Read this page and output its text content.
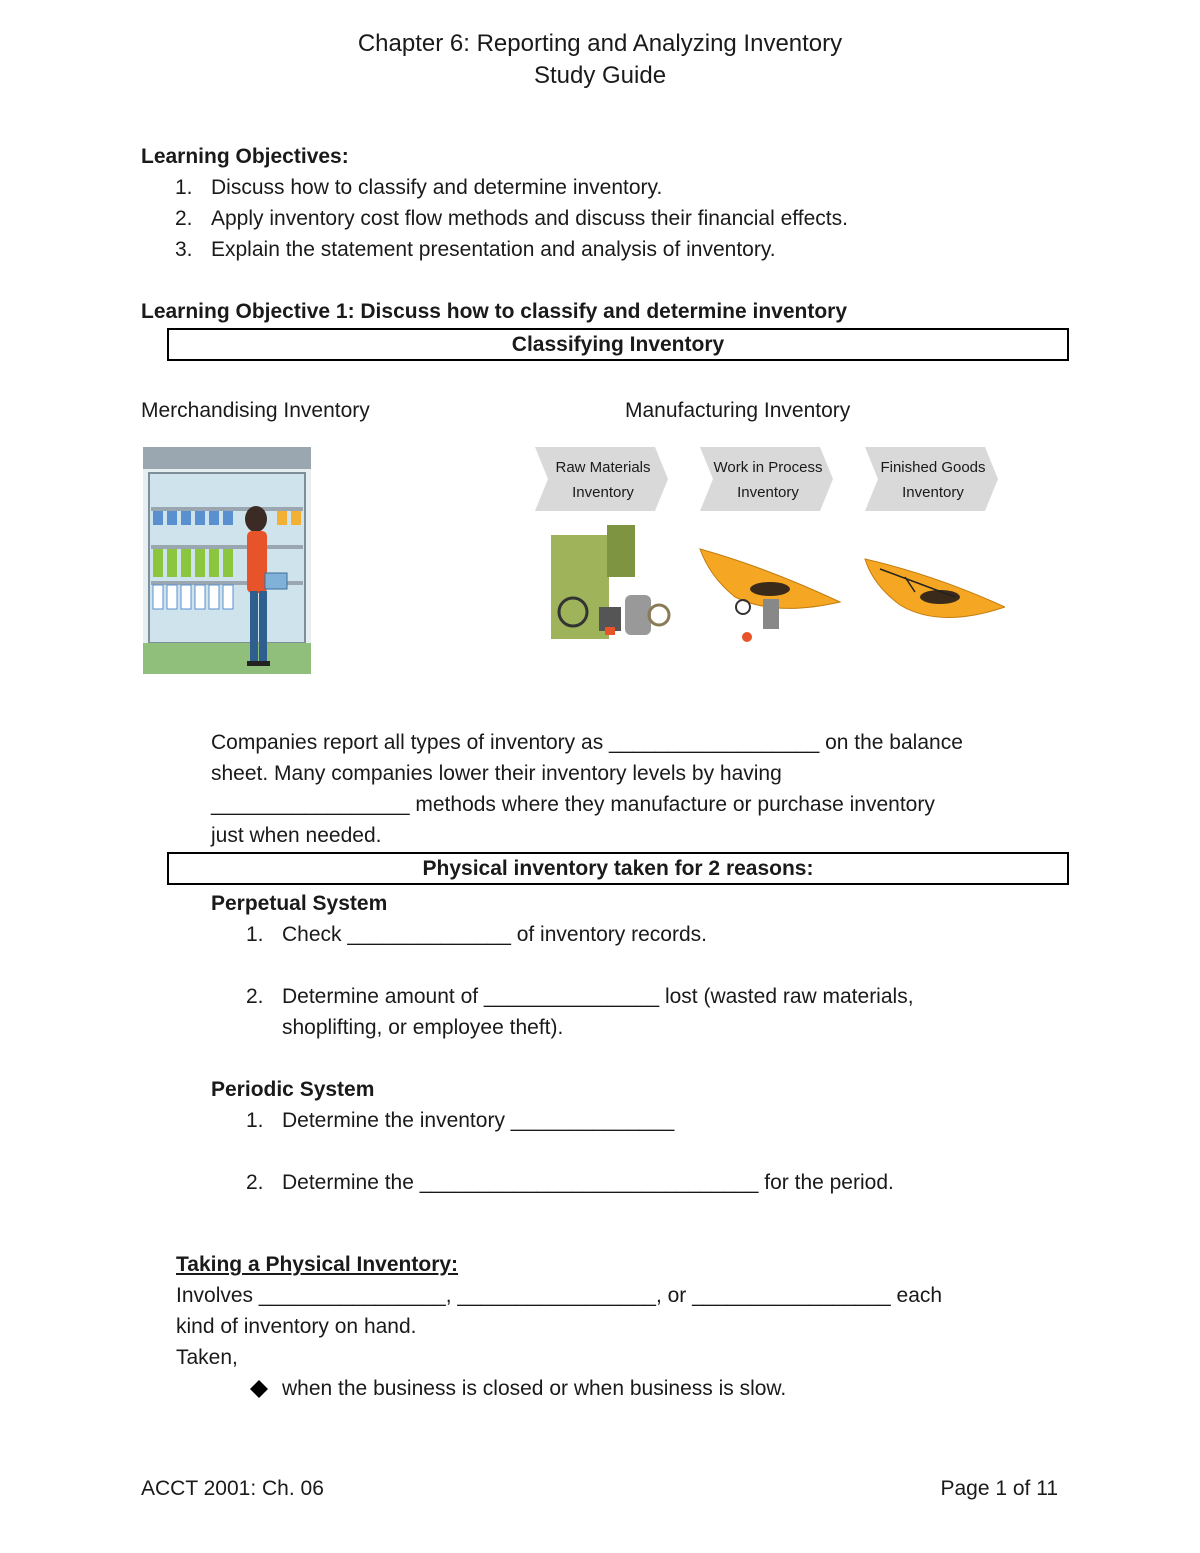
Chapter 6: Reporting and Analyzing Inventory
Study Guide
Learning Objectives:
1. Discuss how to classify and determine inventory.
2. Apply inventory cost flow methods and discuss their financial effects.
3. Explain the statement presentation and analysis of inventory.
Learning Objective 1: Discuss how to classify and determine inventory
Classifying Inventory
Merchandising Inventory	Manufacturing Inventory
Raw Materials
Inventory
Work in Process
Inventory
Finished Goods
Inventory
Companies report all types of inventory as __________________ on the balance
sheet. Many companies lower their inventory levels by having
_________________ methods where they manufacture or purchase inventory
just when needed.
Physical inventory taken for 2 reasons:
Perpetual System
1. Check ______________ of inventory records.
2. Determine amount of _______________ lost (wasted raw materials,
shoplifting, or employee theft).
Periodic System
1. Determine the inventory ______________
2. Determine the _____________________________ for the period.
Taking a Physical Inventory:
Involves ________________, _________________, or _________________ each
kind of inventory on hand.
Taken,
when the business is closed or when business is slow.
ACCT 2001: Ch. 06	Page 1 of 11
